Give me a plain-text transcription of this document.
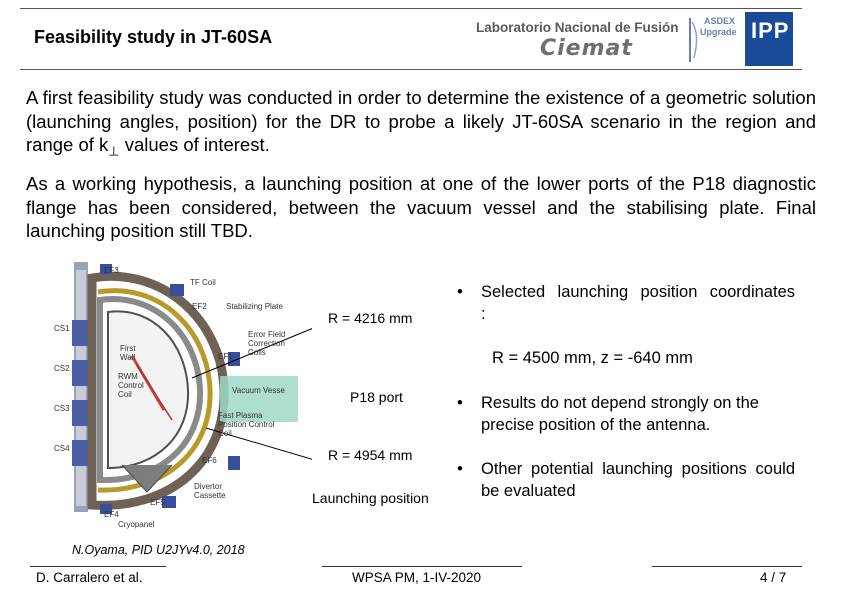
Feasibility study in JT-60SA	Laboratorio Nacional de Fusión
Ciemat
ASDEX
Upgrade IPP
A first feasibility study was conducted in order to determine the existence of a geometric solution (launching angles, position) for the DR to probe a likely JT-60SA scenario in the region and range of $k_\perp$ values of interest.
As a working hypothesis, a launching position at one of the lower ports of the P18 diagnostic flange has been considered, between the vacuum vessel and the stabilising plate. Final launching position still TBD.
CS1
CS2
CS3
CS4
EF3
TF Coil
EF2 Stabilizing Plate
Error Field Correction Coils
First Wall	EF1
RWM Control Coil	Vacuum Vesse
Fast Plasma Position Control Coil
EF6
Divertor Cassette
EF5
EF4
Cryopanel
R = 4216 mm
P18 port
R = 4954 mm
Launching position
N.Oyama, PID U2JYv4.0, 2018
• Selected launching position coordinates :
R = 4500 mm, z = -640 mm
• Results do not depend strongly on the precise position of the antenna.
• Other potential launching positions could be evaluated
D. Carralero et al.	WPSA PM, 1-IV-2020	4 / 7
